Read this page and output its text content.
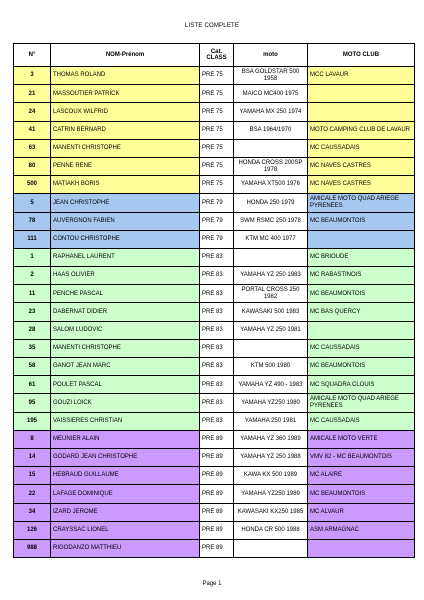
LISTE COMPLETE
N°	NOM-Prénom	Cat. CLASS	moto	MOTO CLUB
3	THOMAS ROLAND	PRE 75	BSA GOLDSTAR 500 1958	MCC LAVAUR
21	MASSOUTIER PATRICK	PRE 75	MAICO MC400 1975	
24	LASCOUX WILFRID	PRE 75	YAMAHA MX 250 1974	
41	CATRIN BERNARD	PRE 75	BSA 1964/1970	MOTO CAMPING CLUB DE LAVAUR
63	MANENTI CHRISTOPHE	PRE 75		MC CAUSSADAIS
80	PENNE RENE	PRE 75	HONDA CROSS 200SP 1978	MC NAVES CASTRES
500	MATIAKH BORIS	PRE 75	YAMAHA XT500 1976	MC NAVES CASTRES
5	JEAN CHRISTOPHE	PRE 79	HONDA 250 1979	AMICALE MOTO QUAD ARIEGE PYRENEES
78	AUVERGNON FABIEN	PRE 79	SWM RSMC 250 1978	MC BEAUMONTOIS
111	CONTOU CHRISTOPHE	PRE 79	KTM MC 400 1977	
1	RAPHANEL LAURENT	PRE 83		MC BRIOUDE
2	HAAS OLIVIER	PRE 83	YAMAHA YZ 250 1983	MC RABASTINOIS
11	PENCHE PASCAL	PRE 83	PORTAL CROSS 250 1982	MC BEAUMONTOIS
23	DABERNAT DIDIER	PRE 83	KAWASAKI 500 1983	MC BAS QUERCY
28	SALOM LUDOVIC	PRE 83	YAMAHA YZ 250 1981	
35	MANENTI CHRISTOPHE	PRE 83		MC CAUSSADAIS
58	GANOT JEAN MARC	PRE 83	KTM 500 1980	MC BEAUMONTOIS
61	POULET PASCAL	PRE 83	YAMAHA YZ 490 - 1983	MC SQUADRA CLOUIS
95	GOUZI LOICK	PRE 83	YAMAHA YZ250 1980	AMICALE MOTO QUAD ARIEGE PYRENEES
195	VAISSIERES CHRISTIAN	PRE 83	YAMAHA 250 1981	MC CAUSSADAIS
8	MEUNIER ALAIN	PRE 89	YAMAHA YZ 360 1989	AMICALE MOTO VERTE
14	GODARD JEAN CHRISTOPHE	PRE 89	YAMAHA YZ 250 1988	VMV 82 - MC BEAUMONTOIS
15	HEBRAUD GUILLAUME	PRE 89	KAWA KX 500 1989	MC ALAIRE
22	LAFAGE DOMINIQUE	PRE 89	YAMAHA YZ250 1989	MC BEAUMONTOIS
34	IZARD JEROME	PRE 89	KAWASAKI KX250 1985	MC ALVAUR
126	CRAYSSAC LIONEL	PRE 89	HONDA CR 500 1988	ASM ARMAGNAC
988	RIGODANZO MATTHIEU	PRE 89		
Page 1
